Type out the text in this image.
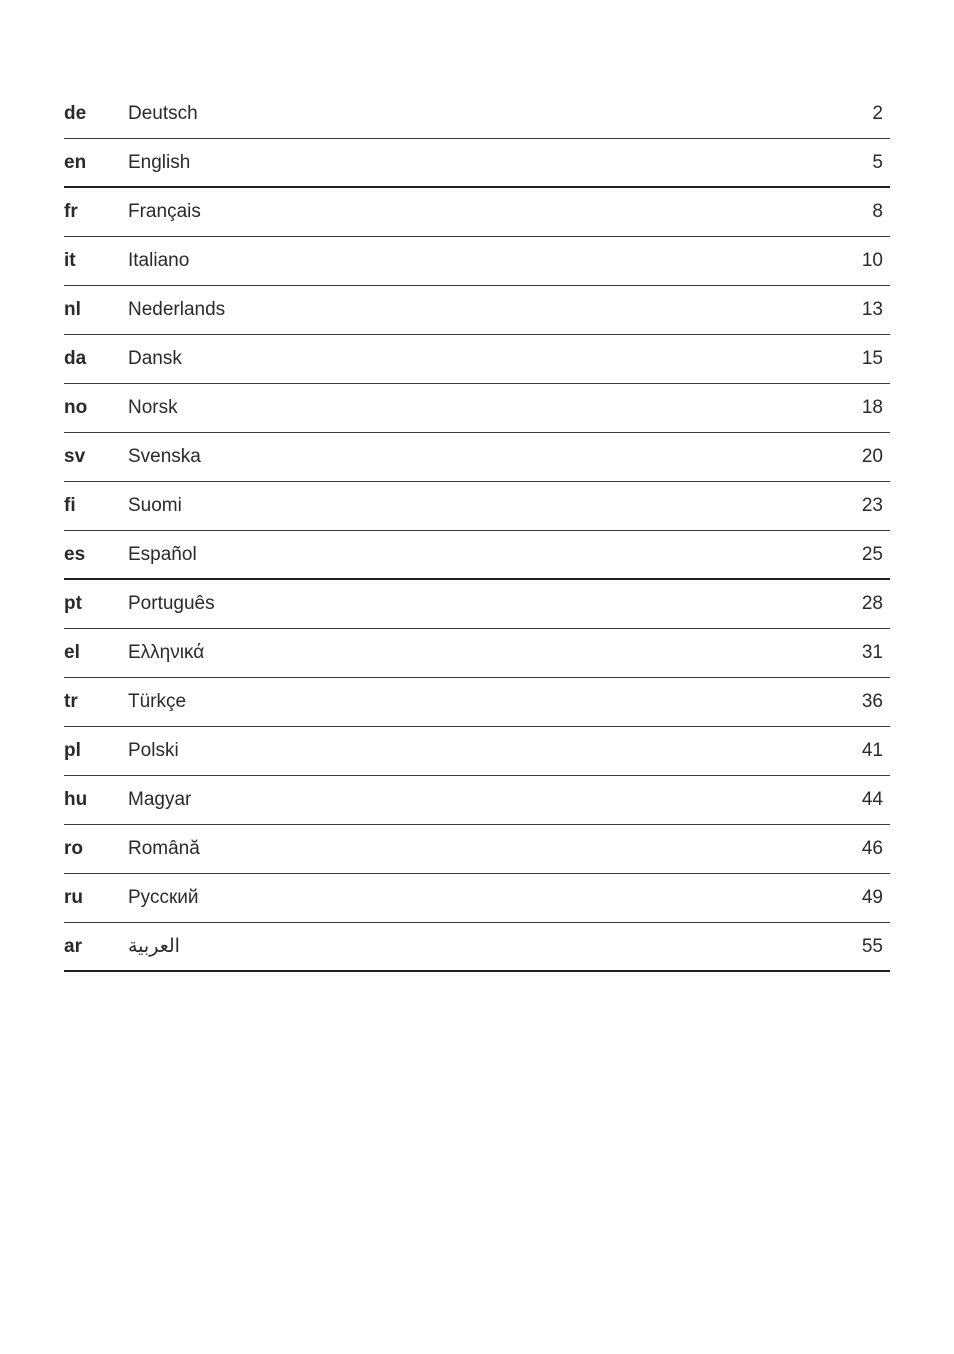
de Deutsch	2
en English	5
fr	Français	8
it	Italiano	10
nl Nederlands	13
da Dansk	15
no Norsk	18
sv Svenska	20
fi	Suomi	23
es Español	25
pt Português	28
el	Ελληνικά	31
tr	Türkçe	36
pl Polski	41
hu Magyar	44
ro Română	46
ru Русский	49
ar العربية	55
